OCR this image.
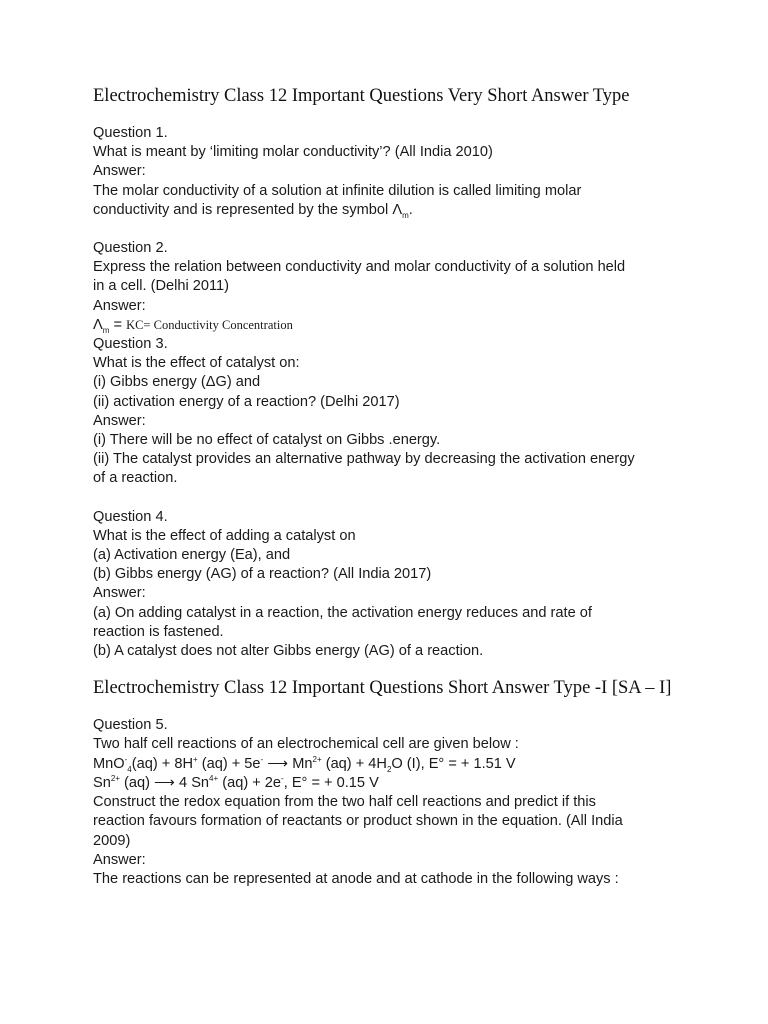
Electrochemistry Class 12 Important Questions Very Short Answer Type
Question 1.
What is meant by ‘limiting molar conductivity’? (All India 2010)
Answer:
The molar conductivity of a solution at infinite dilution is called limiting molar
conductivity and is represented by the symbol $\Lambda_m$.
Question 2.
Express the relation between conductivity and molar conductivity of a solution held
in a cell. (Delhi 2011)
Answer:
$\Lambda_m = KC=$ Conductivity Concentration
Question 3.
What is the effect of catalyst on:
(i) Gibbs energy (ΔG) and
(ii) activation energy of a reaction? (Delhi 2017)
Answer:
(i) There will be no effect of catalyst on Gibbs .energy.
(ii) The catalyst provides an alternative pathway by decreasing the activation energy
of a reaction.
Question 4.
What is the effect of adding a catalyst on
(a) Activation energy (Ea), and
(b) Gibbs energy (AG) of a reaction? (All India 2017)
Answer:
(a) On adding catalyst in a reaction, the activation energy reduces and rate of
reaction is fastened.
(b) A catalyst does not alter Gibbs energy (AG) of a reaction.
Electrochemistry Class 12 Important Questions Short Answer Type -I [SA – I]
Question 5.
Two half cell reactions of an electrochemical cell are given below :
MnO-$_4$(aq) + 8H+ (aq) + 5e- ⟶ $Mn^{2+}$ $(aq) + 4H_2O$ (I), E° = + 1.51 V
$Sn^{2+}$ (aq) ⟶ 4 $Sn^{4+}$ (aq) + 2e-, E° = + 0.15 V
Construct the redox equation from the two half cell reactions and predict if this
reaction favours formation of reactants or product shown in the equation. (All India
2009)
Answer:
The reactions can be represented at anode and at cathode in the following ways :
